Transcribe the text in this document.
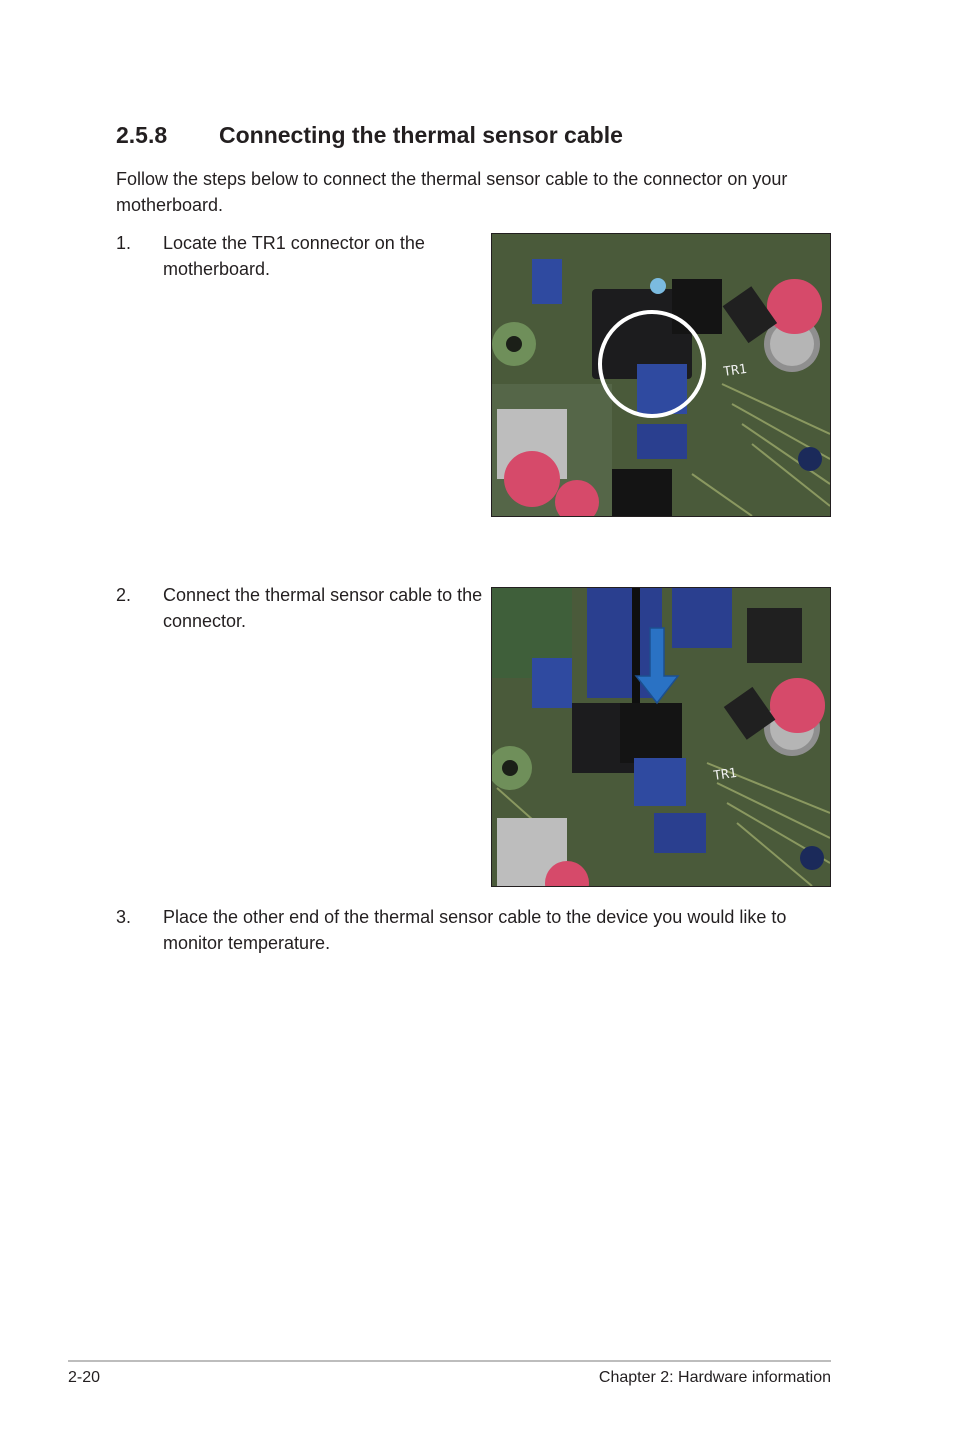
2.5.8 Connecting the thermal sensor cable
Follow the steps below to connect the thermal sensor cable to the connector on your motherboard.
1. Locate the TR1 connector on the motherboard.
TR1
2. Connect the thermal sensor cable to the connector.
TR1
3. Place the other end of the thermal sensor cable to the device you would like to monitor temperature.
2-20	Chapter 2: Hardware information
